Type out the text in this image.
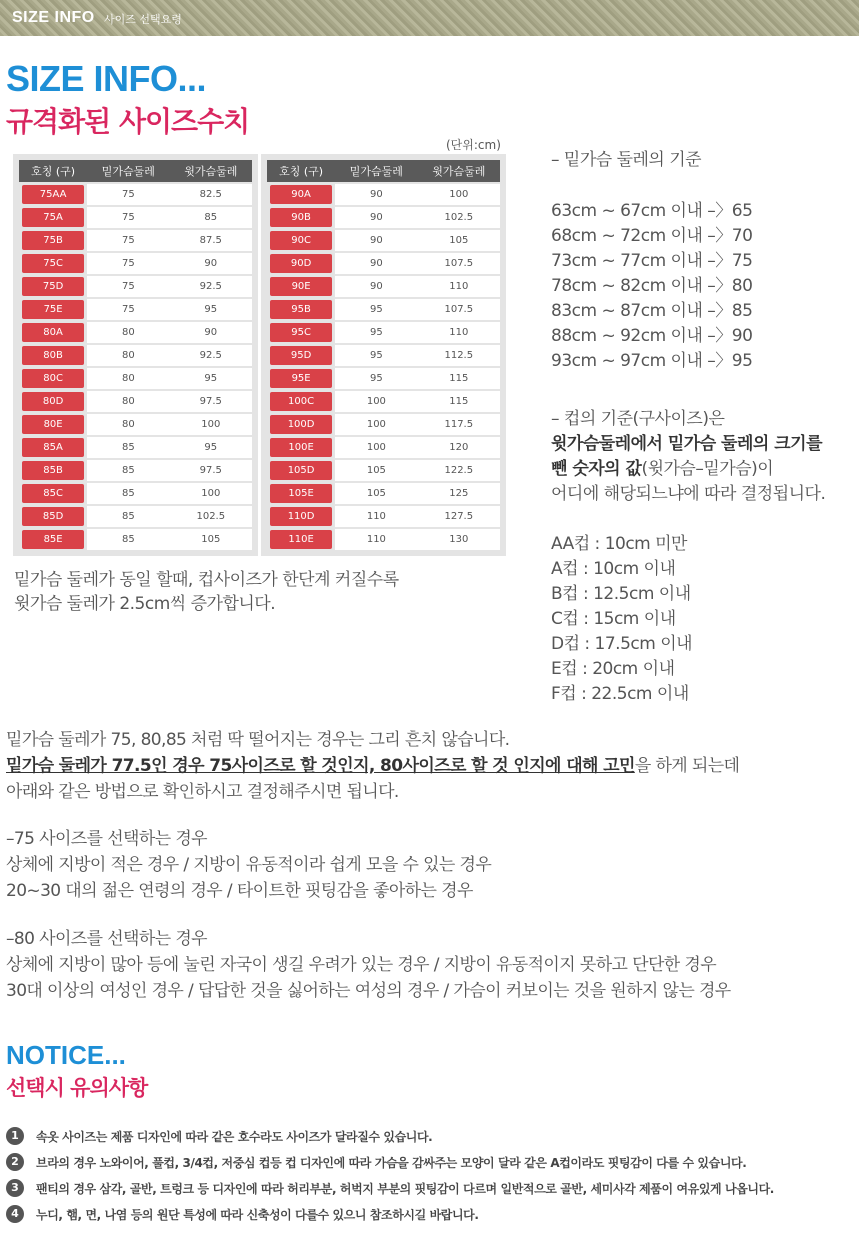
SIZE INFO 사이즈 선택요령
SIZE INFO...
규격화된 사이즈수치
(단위:cm)
호칭 (구)	밑가슴둘레	윗가슴둘레

75AA	75	82.5

75A	75	85

75B	75	87.5

75C	75	90

75D	75	92.5

75E	75	95

80A	80	90

80B	80	92.5

80C	80	95

80D	80	97.5

80E	80	100

85A	85	95

85B	85	97.5

85C	85	100

85D	85	102.5

85E	85	105
호칭 (구)	밑가슴둘레	윗가슴둘레

90A	90	100

90B	90	102.5

90C	90	105

90D	90	107.5

90E	90	110

95B	95	107.5

95C	95	110

95D	95	112.5

95E	95	115

100C	100	115

100D	100	117.5

100E	100	120

105D	105	122.5

105E	105	125

110D	110	127.5

110E	110	130
밑가슴 둘레가 동일 할때, 컵사이즈가 한단계 커질수록
윗가슴 둘레가 2.5cm씩 증가합니다.
– 밑가슴 둘레의 기준
63cm ~ 67cm 이내 –〉65
68cm ~ 72cm 이내 –〉70
73cm ~ 77cm 이내 –〉75
78cm ~ 82cm 이내 –〉80
83cm ~ 87cm 이내 –〉85
88cm ~ 92cm 이내 –〉90
93cm ~ 97cm 이내 –〉95
– 컵의 기준(구사이즈)은
윗가슴둘레에서 밑가슴 둘레의 크기를
뺀 숫자의 값(윗가슴–밑가슴)이
어디에 해당되느냐에 따라 결정됩니다.
AA컵 : 10cm 미만
A컵 : 10cm 이내
B컵 : 12.5cm 이내
C컵 : 15cm 이내
D컵 : 17.5cm 이내
E컵 : 20cm 이내
F컵 : 22.5cm 이내
밑가슴 둘레가 75, 80,85 처럼 딱 떨어지는 경우는 그리 흔치 않습니다.
밑가슴 둘레가 77.5인 경우 75사이즈로 할 것인지, 80사이즈로 할 것 인지에 대해 고민을 하게 되는데
아래와 같은 방법으로 확인하시고 결정해주시면 됩니다.
–75 사이즈를 선택하는 경우
상체에 지방이 적은 경우 / 지방이 유동적이라 쉽게 모을 수 있는 경우
20~30 대의 젊은 연령의 경우 / 타이트한 핏팅감을 좋아하는 경우
–80 사이즈를 선택하는 경우
상체에 지방이 많아 등에 눌린 자국이 생길 우려가 있는 경우 / 지방이 유동적이지 못하고 단단한 경우
30대 이상의 여성인 경우 / 답답한 것을 싫어하는 여성의 경우 / 가슴이 커보이는 것을 원하지 않는 경우
NOTICE...
선택시 유의사항
1	속옷 사이즈는 제품 디자인에 따라 같은 호수라도 사이즈가 달라질수 있습니다.
2	브라의 경우 노와이어, 풀컵, 3/4컵, 저중심 컵등 컵 디자인에 따라 가슴을 감싸주는 모양이 달라 같은 A컵이라도 핏팅감이 다를 수 있습니다.
3	팬티의 경우 삼각, 골반, 트렁크 등 디자인에 따라 허리부분, 허벅지 부분의 핏팅감이 다르며 일반적으로 골반, 세미사각 제품이 여유있게 나옵니다.
4	누디, 햄, 면, 나염 등의 원단 특성에 따라 신축성이 다를수 있으니 참조하시길 바랍니다.
